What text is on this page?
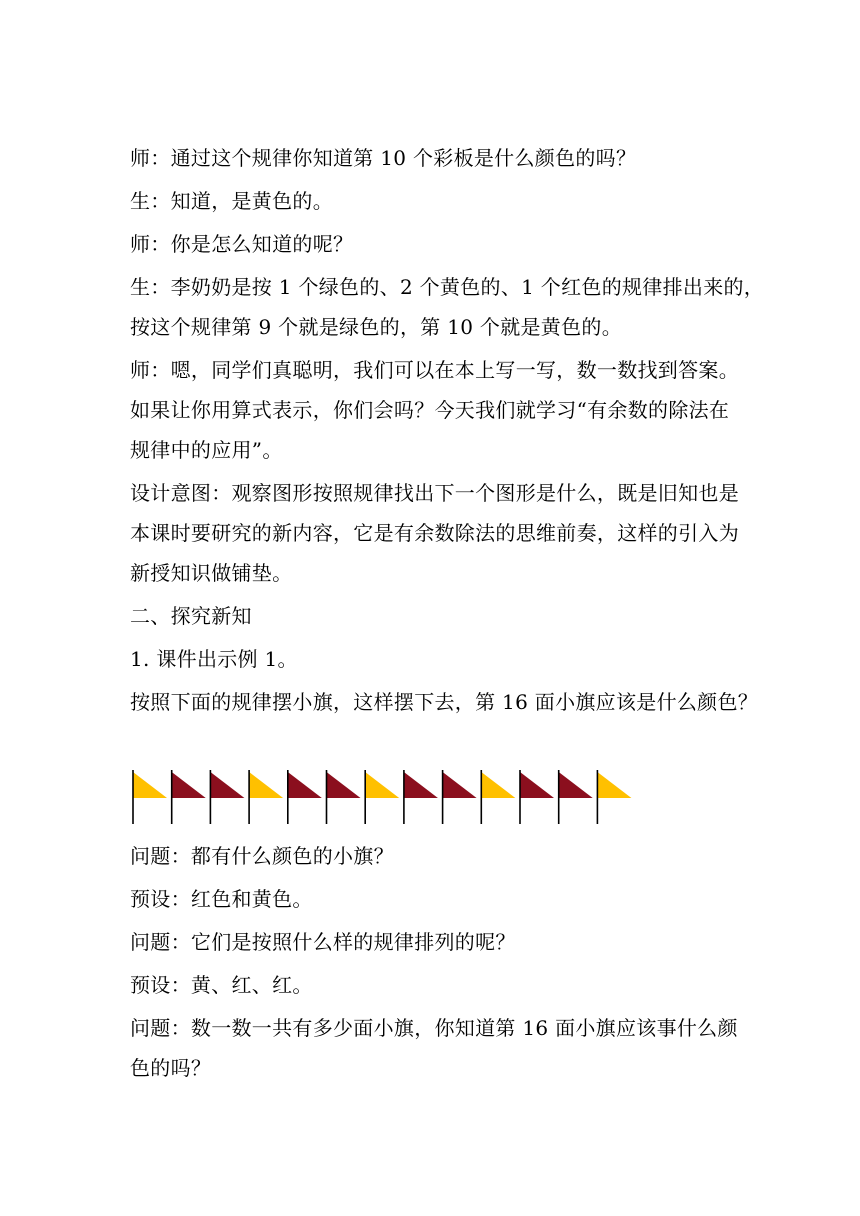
师：通过这个规律你知道第 10 个彩板是什么颜色的吗？

生：知道，是黄色的。

师：你是怎么知道的呢？

生：李奶奶是按 1 个绿色的、2 个黄色的、1 个红色的规律排出来的，
按这个规律第 9 个就是绿色的，第 10 个就是黄色的。

师：嗯，同学们真聪明，我们可以在本上写一写，数一数找到答案。
如果让你用算式表示，你们会吗？今天我们就学习“有余数的除法在
规律中的应用”。

设计意图：观察图形按照规律找出下一个图形是什么，既是旧知也是
本课时要研究的新内容，它是有余数除法的思维前奏，这样的引入为
新授知识做铺垫。

二、探究新知

1. 课件出示例 1。

按照下面的规律摆小旗，这样摆下去，第 16 面小旗应该是什么颜色？

问题：都有什么颜色的小旗？

预设：红色和黄色。

问题：它们是按照什么样的规律排列的呢？

预设：黄、红、红。

问题：数一数一共有多少面小旗，你知道第 16 面小旗应该事什么颜
色的吗？
